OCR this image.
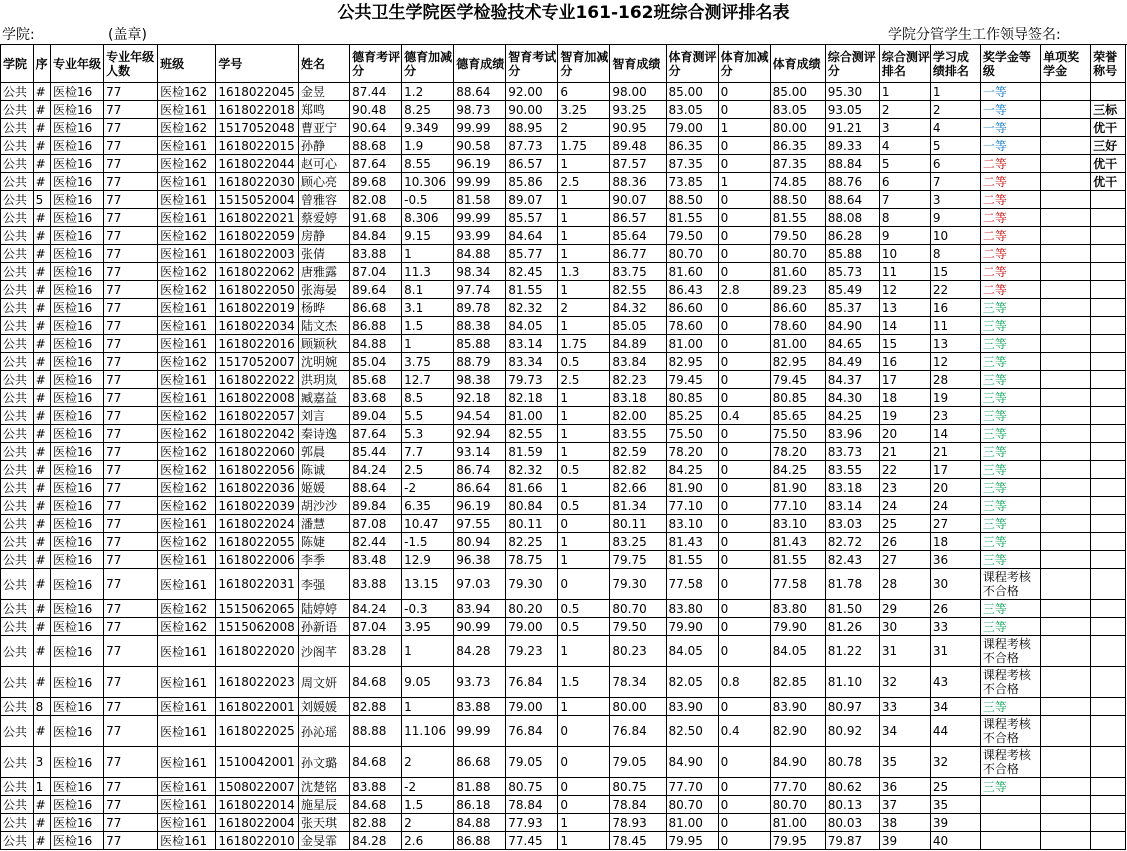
公共卫生学院医学检验技术专业161-162班综合测评排名表
学院:	(盖章)	学院分管学生工作领导签名:
学院	序	专业年级	专业年级人数	班级	学号	姓名	德育考评分	德育加减分	德育成绩	智育考试分	智育加减分	智育成绩	体育测评分	体育加减分	体育成绩	综合测评分	综合测评排名	学习成绩排名	奖学金等级	单项奖学金	荣誉称号
公共	#	医检16	77	医检162	1618022045	金昱	87.44	1.2	88.64	92.00	6	98.00	85.00	0	85.00	95.30	1	1	一等		
公共	#	医检16	77	医检161	1618022018	郑鸣	90.48	8.25	98.73	90.00	3.25	93.25	83.05	0	83.05	93.05	2	2	一等		三标
公共	#	医检16	77	医检162	1517052048	曹亚宁	90.64	9.349	99.99	88.95	2	90.95	79.00	1	80.00	91.21	3	4	一等		优干
公共	#	医检16	77	医检161	1618022015	孙静	88.68	1.9	90.58	87.73	1.75	89.48	86.35	0	86.35	89.33	4	5	一等		三好
公共	#	医检16	77	医检162	1618022044	赵可心	87.64	8.55	96.19	86.57	1	87.57	87.35	0	87.35	88.84	5	6	二等		优干
公共	#	医检16	77	医检161	1618022030	顾心亮	89.68	10.306	99.99	85.86	2.5	88.36	73.85	1	74.85	88.76	6	7	二等		优干
公共	5	医检16	77	医检161	1515052004	曾雅容	82.08	-0.5	81.58	89.07	1	90.07	88.50	0	88.50	88.64	7	3	二等		
公共	#	医检16	77	医检161	1618022021	蔡爱婷	91.68	8.306	99.99	85.57	1	86.57	81.55	0	81.55	88.08	8	9	二等		
公共	#	医检16	77	医检162	1618022059	房静	84.84	9.15	93.99	84.64	1	85.64	79.50	0	79.50	86.28	9	10	二等		
公共	#	医检16	77	医检161	1618022003	张倩	83.88	1	84.88	85.77	1	86.77	80.70	0	80.70	85.88	10	8	二等		
公共	#	医检16	77	医检162	1618022062	唐雅露	87.04	11.3	98.34	82.45	1.3	83.75	81.60	0	81.60	85.73	11	15	二等		
公共	#	医检16	77	医检162	1618022050	张海晏	89.64	8.1	97.74	81.55	1	82.55	86.43	2.8	89.23	85.49	12	22	二等		
公共	#	医检16	77	医检161	1618022019	杨晔	86.68	3.1	89.78	82.32	2	84.32	86.60	0	86.60	85.37	13	16	三等		
公共	#	医检16	77	医检161	1618022034	陆文杰	86.88	1.5	88.38	84.05	1	85.05	78.60	0	78.60	84.90	14	11	三等		
公共	#	医检16	77	医检161	1618022016	顾颖秋	84.88	1	85.88	83.14	1.75	84.89	81.00	0	81.00	84.65	15	13	三等		
公共	#	医检16	77	医检162	1517052007	沈明婉	85.04	3.75	88.79	83.34	0.5	83.84	82.95	0	82.95	84.49	16	12	三等		
公共	#	医检16	77	医检161	1618022022	洪玥岚	85.68	12.7	98.38	79.73	2.5	82.23	79.45	0	79.45	84.37	17	28	三等		
公共	#	医检16	77	医检161	1618022008	臧嘉益	83.68	8.5	92.18	82.18	1	83.18	80.85	0	80.85	84.30	18	19	三等		
公共	#	医检16	77	医检162	1618022057	刘言	89.04	5.5	94.54	81.00	1	82.00	85.25	0.4	85.65	84.25	19	23	三等		
公共	#	医检16	77	医检162	1618022042	秦诗逸	87.64	5.3	92.94	82.55	1	83.55	75.50	0	75.50	83.96	20	14	三等		
公共	#	医检16	77	医检162	1618022060	郭晨	85.44	7.7	93.14	81.59	1	82.59	78.20	0	78.20	83.73	21	21	三等		
公共	#	医检16	77	医检162	1618022056	陈诚	84.24	2.5	86.74	82.32	0.5	82.82	84.25	0	84.25	83.55	22	17	三等		
公共	#	医检16	77	医检162	1618022036	姬媛	88.64	-2	86.64	81.66	1	82.66	81.90	0	81.90	83.18	23	20	三等		
公共	#	医检16	77	医检162	1618022039	胡沙沙	89.84	6.35	96.19	80.84	0.5	81.34	77.10	0	77.10	83.14	24	24	三等		
公共	#	医检16	77	医检161	1618022024	潘慧	87.08	10.47	97.55	80.11	0	80.11	83.10	0	83.10	83.03	25	27	三等		
公共	#	医检16	77	医检162	1618022055	陈婕	82.44	-1.5	80.94	82.25	1	83.25	81.43	0	81.43	82.72	26	18	三等		
公共	#	医检16	77	医检161	1618022006	李季	83.48	12.9	96.38	78.75	1	79.75	81.55	0	81.55	82.43	27	36	三等		
公共	#	医检16	77	医检161	1618022031	李强	83.88	13.15	97.03	79.30	0	79.30	77.58	0	77.58	81.78	28	30	课程考核不合格		
公共	#	医检16	77	医检162	1515062065	陆婷婷	84.24	-0.3	83.94	80.20	0.5	80.70	83.80	0	83.80	81.50	29	26	三等		
公共	#	医检16	77	医检162	1515062008	孙新语	87.04	3.95	90.99	79.00	0.5	79.50	79.90	0	79.90	81.26	30	33	三等		
公共	#	医检16	77	医检161	1618022020	沙阁芊	83.28	1	84.28	79.23	1	80.23	84.05	0	84.05	81.22	31	31	课程考核不合格		
公共	#	医检16	77	医检161	1618022023	周文妍	84.68	9.05	93.73	76.84	1.5	78.34	82.05	0.8	82.85	81.10	32	43	课程考核不合格		
公共	8	医检16	77	医检161	1618022001	刘媛媛	82.88	1	83.88	79.00	1	80.00	83.90	0	83.90	80.97	33	34	三等		
公共	#	医检16	77	医检161	1618022025	孙沁瑶	88.88	11.106	99.99	76.84	0	76.84	82.50	0.4	82.90	80.92	34	44	课程考核不合格		
公共	3	医检16	77	医检161	1510042001	孙文璐	84.68	2	86.68	79.05	0	79.05	84.90	0	84.90	80.78	35	32	课程考核不合格		
公共	1	医检16	77	医检161	1508022007	沈楚铭	83.88	-2	81.88	80.75	0	80.75	77.70	0	77.70	80.62	36	25	三等		
公共	#	医检16	77	医检161	1618022014	施星辰	84.68	1.5	86.18	78.84	0	78.84	80.70	0	80.70	80.13	37	35			
公共	#	医检16	77	医检161	1618022004	张天琪	82.88	2	84.88	77.93	1	78.93	81.00	0	81.00	80.03	38	39			
公共	#	医检16	77	医检161	1618022010	金旻霏	84.28	2.6	86.88	77.45	1	78.45	79.95	0	79.95	79.87	39	40			
